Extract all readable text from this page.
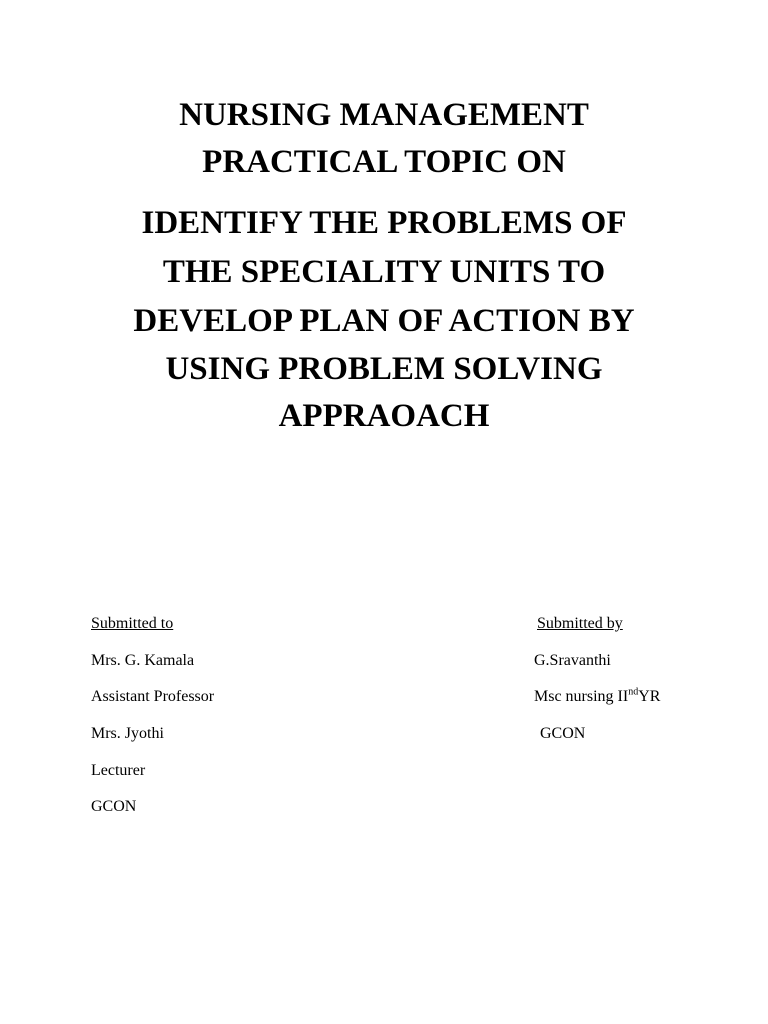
NURSING MANAGEMENT
PRACTICAL TOPIC ON
IDENTIFY THE PROBLEMS OF
THE SPECIALITY UNITS TO
DEVELOP PLAN OF ACTION BY
USING PROBLEM SOLVING
APPRAOACH

Submitted to

Mrs. G. Kamala

Assistant Professor

Mrs. Jyothi

Lecturer

GCON

Submitted by

G.Sravanthi

Msc nursing IIndYR

GCON
